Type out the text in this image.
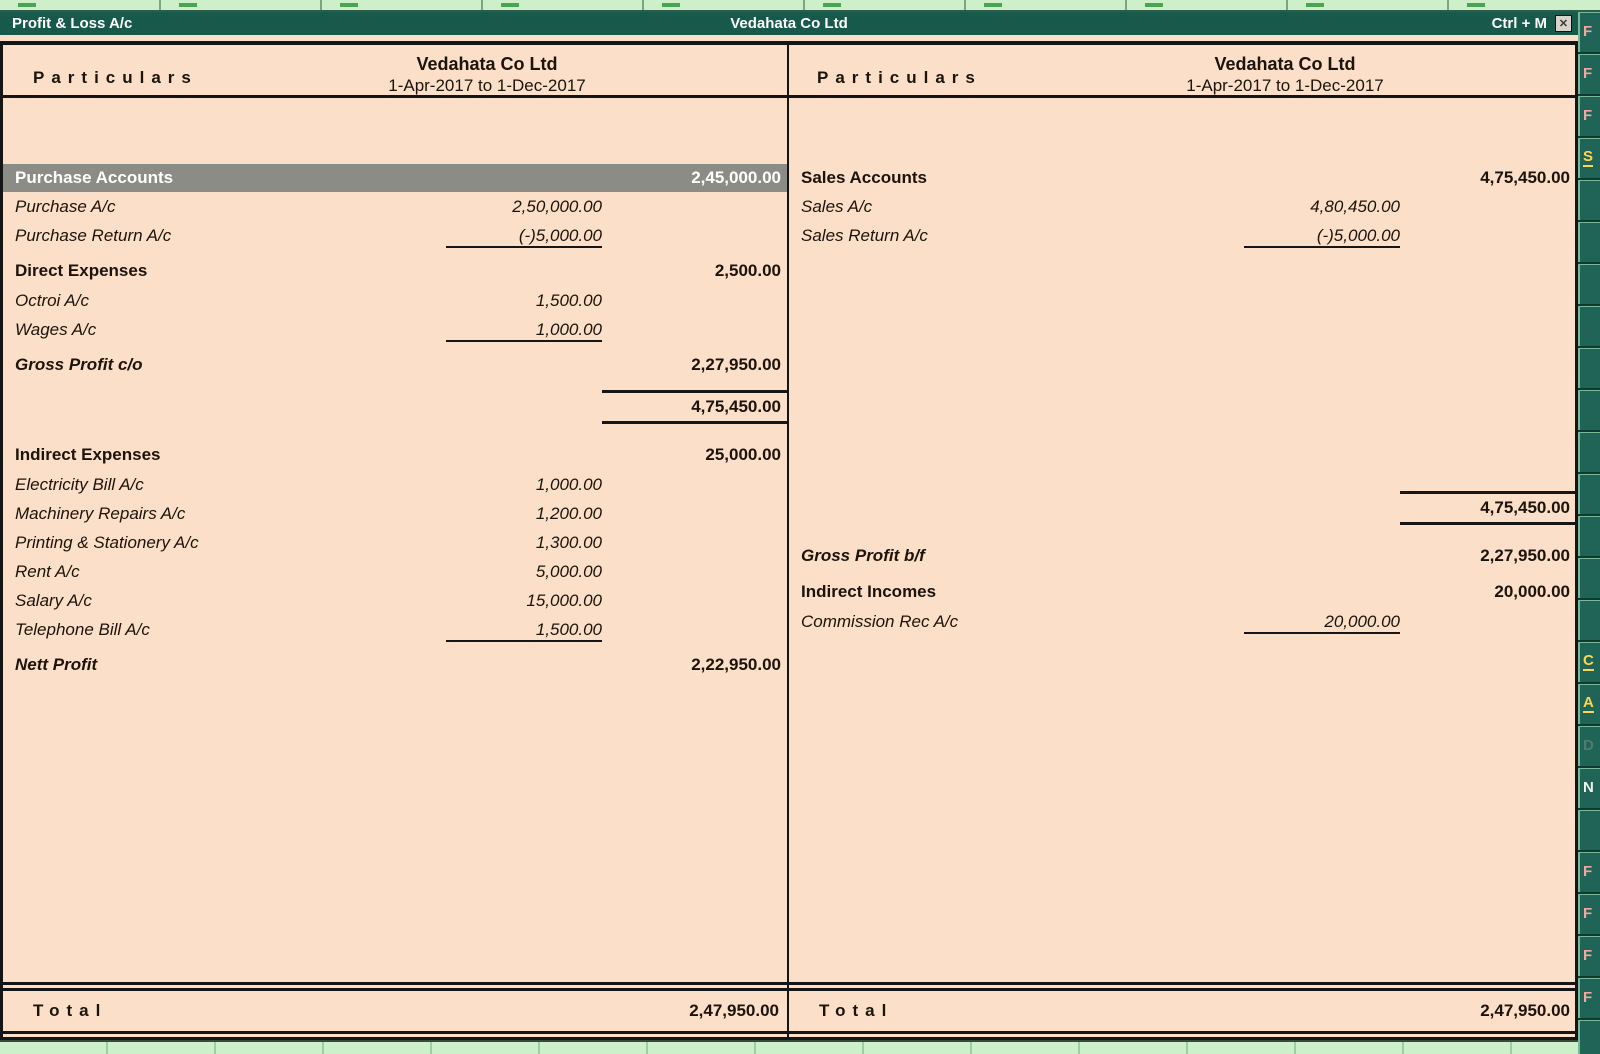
Profit & Loss A/c	Vedahata Co Ltd	Ctrl + M	✕
Particulars
Vedahata Co Ltd
1-Apr-2017 to 1-Dec-2017	Particulars
Vedahata Co Ltd
1-Apr-2017 to 1-Dec-2017
Purchase Accounts	2,45,000.00
Purchase A/c	2,50,000.00
Purchase Return A/c	(-)5,000.00
Direct Expenses	2,500.00
Octroi A/c	1,500.00
Wages A/c	1,000.00
Gross Profit c/o	2,27,950.00
4,75,450.00
Indirect Expenses	25,000.00
Electricity Bill A/c	1,000.00
Machinery Repairs A/c	1,200.00
Printing & Stationery A/c	1,300.00
Rent A/c	5,000.00
Salary A/c	15,000.00
Telephone Bill A/c	1,500.00
Nett Profit	2,22,950.00
Sales Accounts	4,75,450.00
Sales A/c	4,80,450.00
Sales Return A/c	(-)5,000.00
4,75,450.00
Gross Profit b/f	2,27,950.00
Indirect Incomes	20,000.00
Commission Rec A/c	20,000.00
Total	2,47,950.00	Total	2,47,950.00
F
F
F
S
C
A
D
N
F
F
F
F
